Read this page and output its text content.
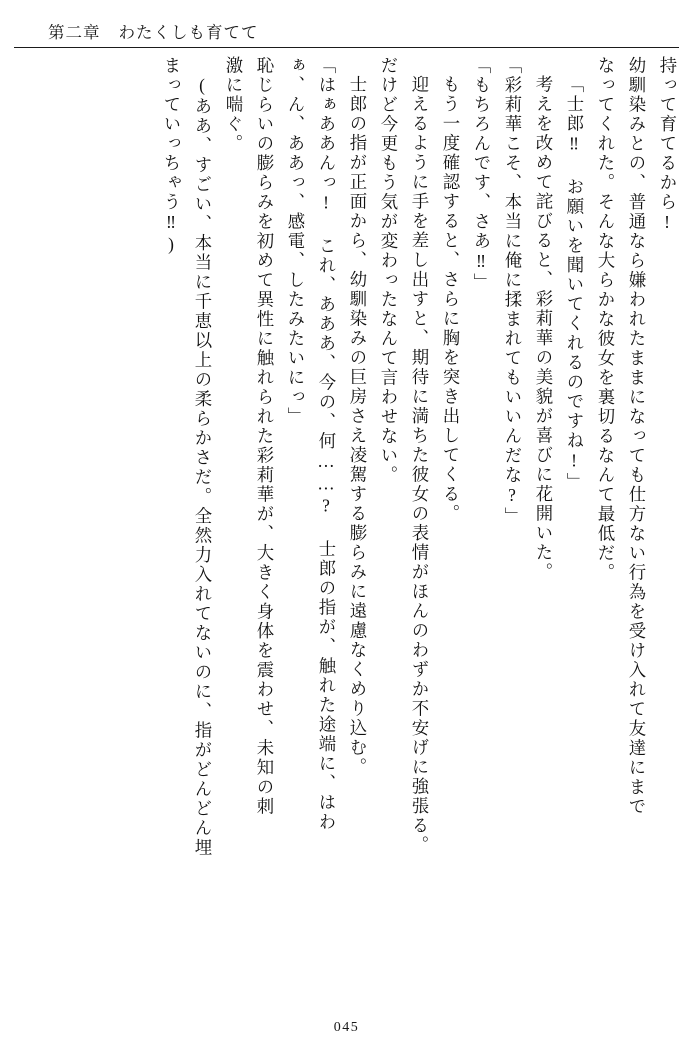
第二章 わたくしも育てて
持って育てるから!
幼馴染みとの、普通なら嫌われたままになっても仕方ない行為を受け入れて友達にまで
なってくれた。そんな大らかな彼女を裏切るなんて最低だ。
「士郎‼ お願いを聞いてくれるのですね!」
考えを改めて詫びると、彩莉華の美貌が喜びに花開いた。
「彩莉華こそ、本当に俺に揉まれてもいいんだな?」
「もちろんです、さあ‼」
もう一度確認すると、さらに胸を突き出してくる。
迎えるように手を差し出すと、期待に満ちた彼女の表情がほんのわずか不安げに強張る。
だけど今更もう気が変わったなんて言わせない。
士郎の指が正面から、幼馴染みの巨房さえ凌駕する膨らみに遠慮なくめり込む。
「はぁああんっ! これ、あああ、今の、何……? 士郎の指が、触れた途端に、はわ
ぁ、ん、ああっ、感電、したみたいにっ」
恥じらいの膨らみを初めて異性に触れられた彩莉華が、大きく身体を震わせ、未知の刺
激に喘ぐ。
(ああ、すごい、本当に千恵以上の柔らかさだ。全然力入れてないのに、指がどんどん埋
まっていっちゃう‼)
045
